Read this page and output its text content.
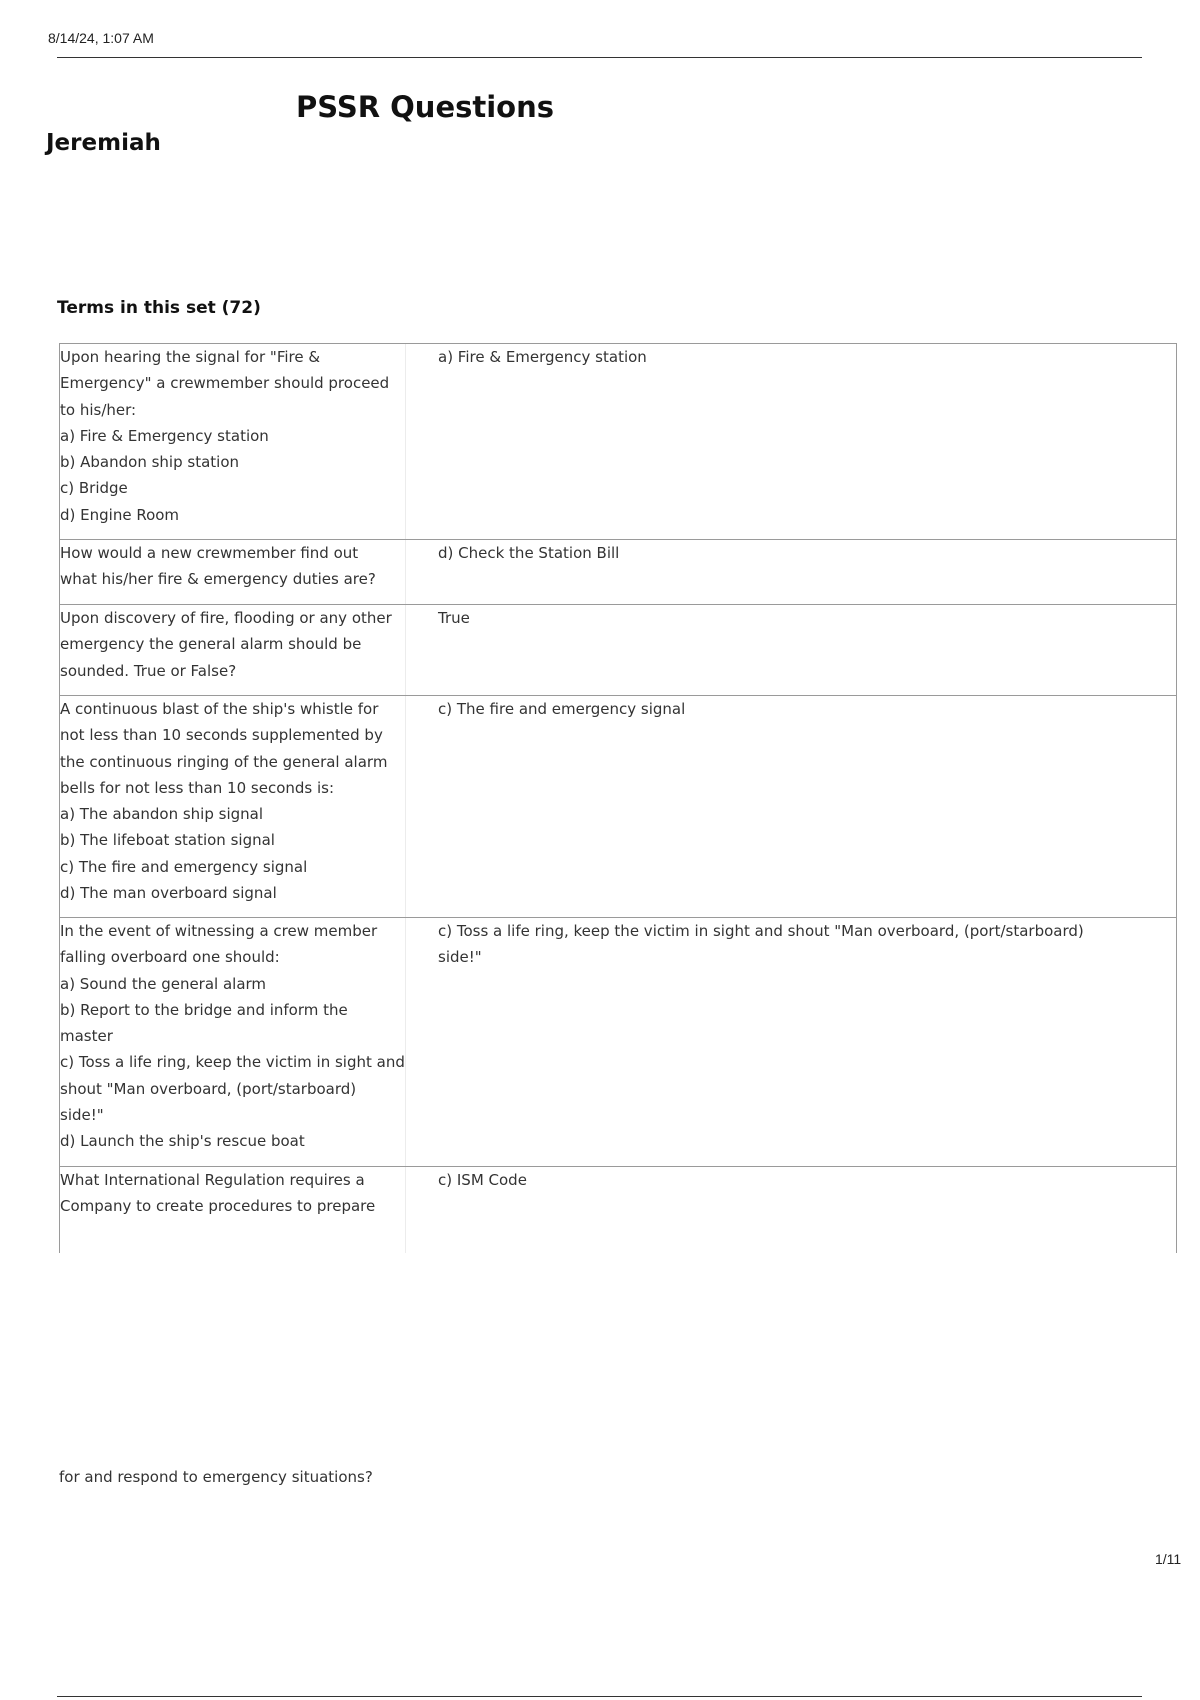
8/14/24, 1:07 AM
PSSR Questions
Jeremiah
Terms in this set (72)
Upon hearing the signal for "Fire &
Emergency" a crewmember should proceed
to his/her:
a) Fire & Emergency station
b) Abandon ship station
c) Bridge
d) Engine Room
a) Fire & Emergency station
How would a new crewmember find out
what his/her fire & emergency duties are?
d) Check the Station Bill
Upon discovery of fire, flooding or any other
emergency the general alarm should be
sounded. True or False?
True
A continuous blast of the ship's whistle for
not less than 10 seconds supplemented by
the continuous ringing of the general alarm
bells for not less than 10 seconds is:
a) The abandon ship signal
b) The lifeboat station signal
c) The fire and emergency signal
d) The man overboard signal
c) The fire and emergency signal
In the event of witnessing a crew member
falling overboard one should:
a) Sound the general alarm
b) Report to the bridge and inform the
master
c) Toss a life ring, keep the victim in sight and
shout "Man overboard, (port/starboard)
side!"
d) Launch the ship's rescue boat
c) Toss a life ring, keep the victim in sight and shout "Man overboard, (port/starboard)
side!"
What International Regulation requires a
Company to create procedures to prepare
c) ISM Code
for and respond to emergency situations?
1/11
